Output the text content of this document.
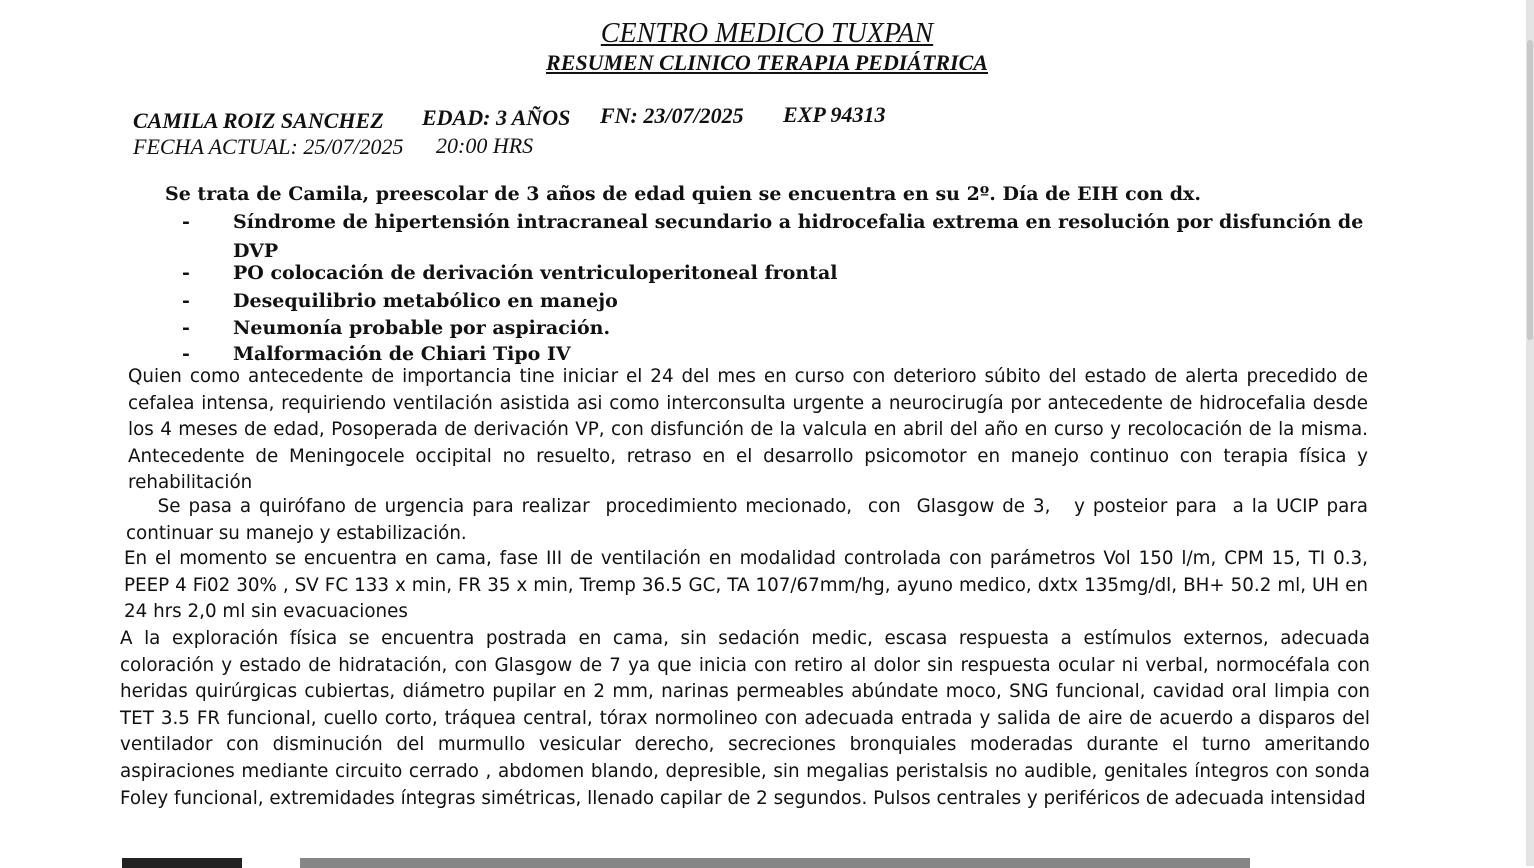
CENTRO MEDICO TUXPAN
RESUMEN CLINICO TERAPIA PEDIÁTRICA
CAMILA ROIZ SANCHEZ EDAD: 3 AÑOS FN: 23/07/2025 EXP 94313
FECHA ACTUAL: 25/07/2025 20:00 HRS
Se trata de Camila, preescolar de 3 años de edad quien se encuentra en su 2º. Día de EIH con dx.
- Síndrome de hipertensión intracraneal secundario a hidrocefalia extrema en resolución por disfunción de DVP
- PO colocación de derivación ventriculoperitoneal frontal
- Desequilibrio metabólico en manejo
- Neumonía probable por aspiración.
- Malformación de Chiari Tipo IV

Quien como antecedente de importancia tine iniciar el 24 del mes en curso con deterioro súbito del estado de alerta precedido de cefalea intensa, requiriendo ventilación asistida asi como interconsulta urgente a neurocirugía por antecedente de hidrocefalia desde los 4 meses de edad, Posoperada de derivación VP, con disfunción de la valcula en abril del año en curso y recolocación de la misma. Antecedente de Meningocele occipital no resuelto, retraso en el desarrollo psicomotor en manejo continuo con terapia física y rehabilitación

Se pasa a quirófano de urgencia para realizar  procedimiento mecionado,  con  Glasgow de 3,   y posteior para  a la UCIP para continuar su manejo y estabilización.

En el momento se encuentra en cama, fase III de ventilación en modalidad controlada con parámetros Vol 150 l/m, CPM 15, TI 0.3, PEEP 4 Fi02 30% , SV FC 133 x min, FR 35 x min, Tremp 36.5 GC, TA 107/67mm/hg, ayuno medico, dxtx 135mg/dl, BH+ 50.2 ml, UH en 24 hrs 2,0 ml sin evacuaciones

A la exploración física se encuentra postrada en cama, sin sedación medic, escasa respuesta a estímulos externos, adecuada coloración y estado de hidratación, con Glasgow de 7 ya que inicia con retiro al dolor sin respuesta ocular ni verbal, normocéfala con heridas quirúrgicas cubiertas, diámetro pupilar en 2 mm, narinas permeables abúndate moco, SNG funcional, cavidad oral limpia con TET 3.5 FR funcional, cuello corto, tráquea central, tórax normolineo con adecuada entrada y salida de aire de acuerdo a disparos del ventilador con disminución del murmullo vesicular derecho, secreciones bronquiales moderadas durante el turno ameritando aspiraciones mediante circuito cerrado , abdomen blando, depresible, sin megalias peristalsis no audible, genitales íntegros con sonda Foley funcional, extremidades íntegras simétricas, llenado capilar de 2 segundos. Pulsos centrales y periféricos de adecuada intensidad
